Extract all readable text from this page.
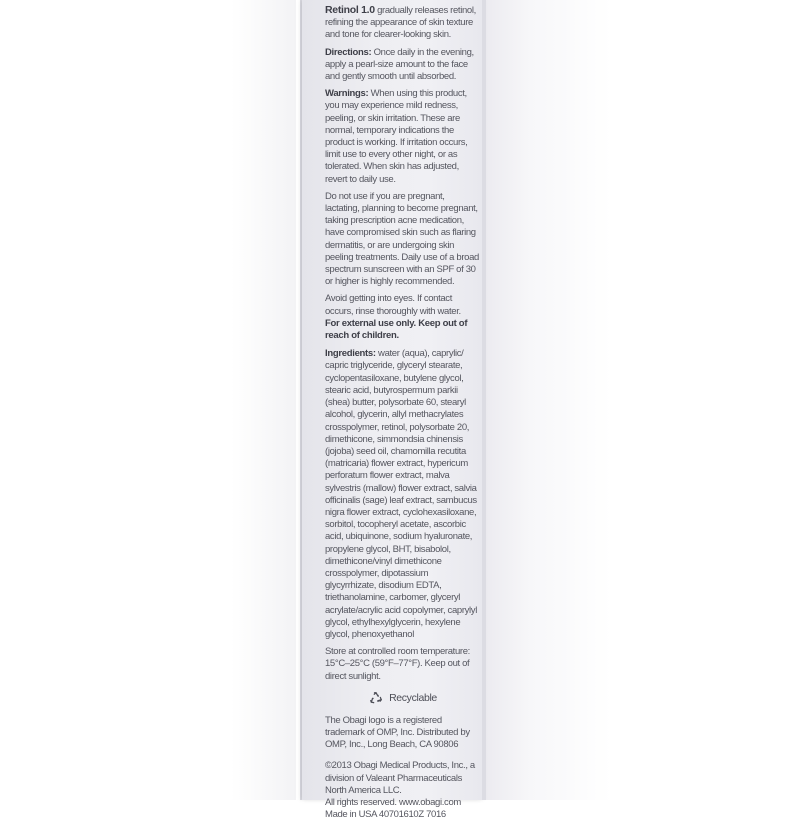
Retinol 1.0 gradually releases retinol, refining the appearance of skin texture and tone for clearer-looking skin.

Directions: Once daily in the evening, apply a pearl-size amount to the face and gently smooth until absorbed.

Warnings: When using this product, you may experience mild redness, peeling, or skin irritation. These are normal, temporary indications the product is working. If irritation occurs, limit use to every other night, or as tolerated. When skin has adjusted, revert to daily use.

Do not use if you are pregnant, lactating, planning to become pregnant, taking prescription acne medication, have compromised skin such as flaring dermatitis, or are undergoing skin peeling treatments. Daily use of a broad spectrum sunscreen with an SPF of 30 or higher is highly recommended.

Avoid getting into eyes. If contact occurs, rinse thoroughly with water.
For external use only. Keep out of reach of children.

Ingredients: water (aqua), caprylic/ capric triglyceride, glyceryl stearate, cyclopentasiloxane, butylene glycol, stearic acid, butyrospermum parkii (shea) butter, polysorbate 60, stearyl alcohol, glycerin, allyl methacrylates crosspolymer, retinol, polysorbate 20, dimethicone, simmondsia chinensis (jojoba) seed oil, chamomilla recutita (matricaria) flower extract, hypericum perforatum flower extract, malva sylvestris (mallow) flower extract, salvia officinalis (sage) leaf extract, sambucus nigra flower extract, cyclohexasiloxane, sorbitol, tocopheryl acetate, ascorbic acid, ubiquinone, sodium hyaluronate, propylene glycol, BHT, bisabolol, dimethicone/vinyl dimethicone crosspolymer, dipotassium glycyrrhizate, disodium EDTA, triethanolamine, carbomer, glyceryl acrylate/acrylic acid copolymer, caprylyl glycol, ethylhexylglycerin, hexylene glycol, phenoxyethanol

Store at controlled room temperature: 15°C–25°C (59°F–77°F). Keep out of direct sunlight.

Recyclable

The Obagi logo is a registered trademark of OMP, Inc. Distributed by OMP, Inc., Long Beach, CA 90806

©2013 Obagi Medical Products, Inc., a division of Valeant Pharmaceuticals North America LLC.
All rights reserved. www.obagi.com
Made in USA 40701610Z 7016
